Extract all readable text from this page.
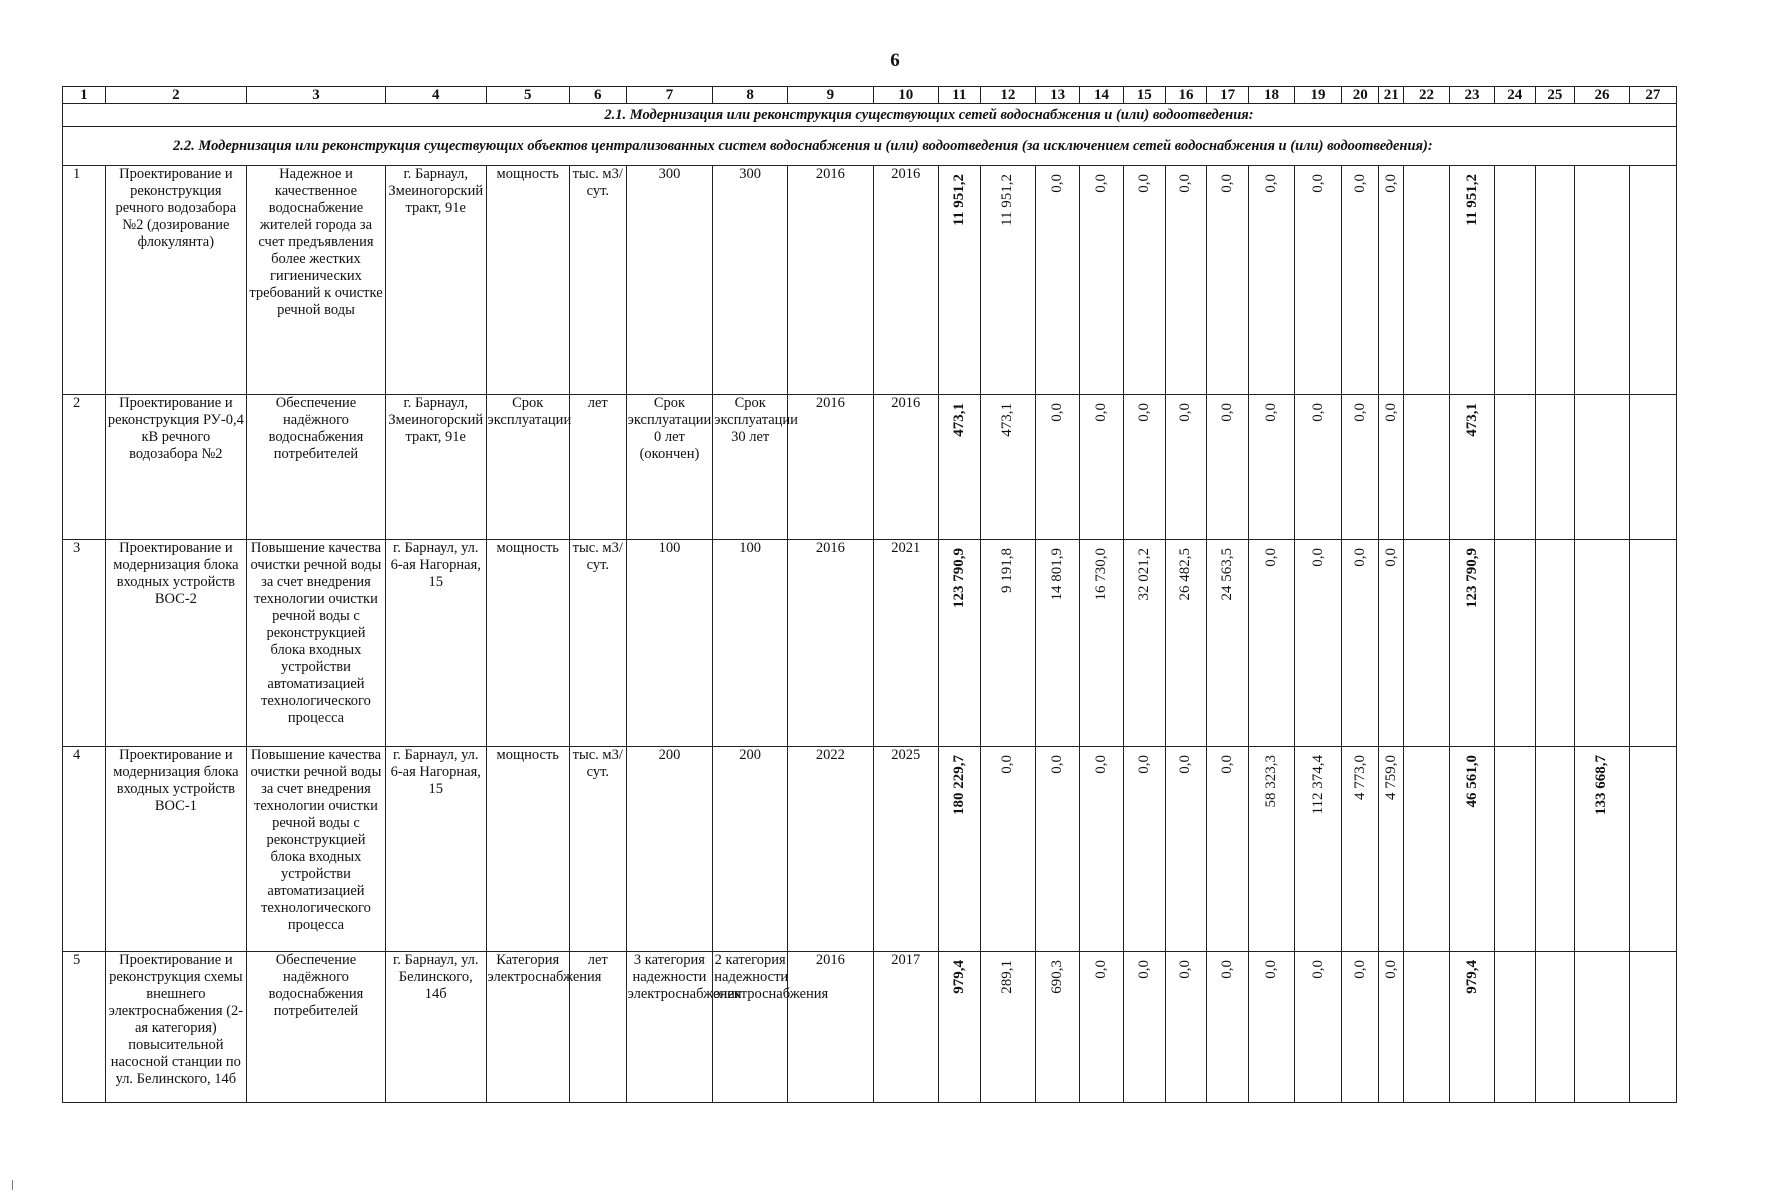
6
1	2	3	4	5	6	7	8	9	10	11	12	13	14	15	16	17	18	19	20	21	22	23	24	25	26	27
2.1. Модернизация или реконструкция существующих сетей водоснабжения и (или) водоотведения:																										
2.2. Модернизация или реконструкция существующих объектов централизованных систем водоснабжения и (или) водоотведения (за исключением сетей водоснабжения и (или) водоотведения):																										
1	Проектирование и реконструкция речного водозабора №2 (дозирование флокулянта)	Надежное и качественное водоснабжение жителей города за счет предъявления более жестких гигиенических требований к очистке речной воды	г. Барнаул, Змеиногорский тракт, 91е	мощность	тыс. м3/сут.	300	300	2016	2016	11 951,2	11 951,2	0,0	0,0	0,0	0,0	0,0	0,0	0,0	0,0	0,0		11 951,2				
2	Проектирование и реконструкция РУ-0,4 кВ речного водозабора №2	Обеспечение надёжного водоснабжения потребителей	г. Барнаул, Змеиногорский тракт, 91е	Срок эксплуатации	лет	Срок эксплуатации 0 лет (окончен)	Срок эксплуатации 30 лет	2016	2016	473,1	473,1	0,0	0,0	0,0	0,0	0,0	0,0	0,0	0,0	0,0		473,1				
3	Проектирование и модернизация блока входных устройств ВОС-2	Повышение качества очистки речной воды за счет внедрения технологии очистки речной воды с реконструкцией блока входных устройстви автоматизацией технологического процесса	г. Барнаул, ул. 6-ая Нагорная, 15	мощность	тыс. м3/сут.	100	100	2016	2021	123 790,9	9 191,8	14 801,9	16 730,0	32 021,2	26 482,5	24 563,5	0,0	0,0	0,0	0,0		123 790,9				
4	Проектирование и модернизация блока входных устройств ВОС-1	Повышение качества очистки речной воды за счет внедрения технологии очистки речной воды с реконструкцией блока входных устройстви автоматизацией технологического процесса	г. Барнаул, ул. 6-ая Нагорная, 15	мощность	тыс. м3/сут.	200	200	2022	2025	180 229,7	0,0	0,0	0,0	0,0	0,0	0,0	58 323,3	112 374,4	4 773,0	4 759,0		46 561,0			133 668,7	
5	Проектирование и реконструкция схемы внешнего электроснабжения (2-ая категория) повысительной насосной станции по ул. Белинского, 14б	Обеспечение надёжного водоснабжения потребителей	г. Барнаул, ул. Белинского, 14б	Категория электроснабжения	лет	3 категория надежности электроснабжения	2 категория надежности электроснабжения	2016	2017	979,4	289,1	690,3	0,0	0,0	0,0	0,0	0,0	0,0	0,0	0,0		979,4				
